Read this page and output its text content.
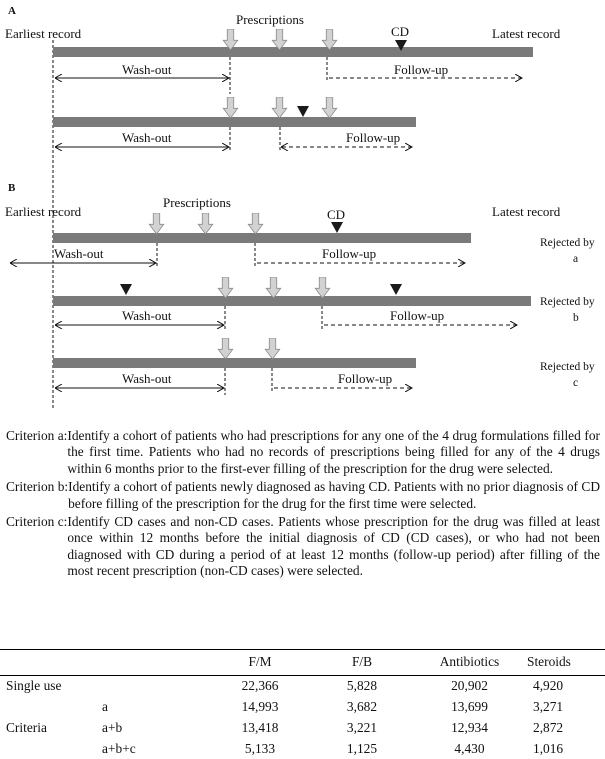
A
Earliest record
Prescriptions
CD	Latest record
Wash-out	Follow-up
Wash-out	Follow-up
B
Earliest record
Prescriptions
CD	Latest record
Wash-out	Follow-up
Rejected by
a
Wash-out	Follow-up
Rejected by
b
Wash-out	Follow-up
Rejected by
c
Criterion a: Identify a cohort of patients who had prescriptions for any one of the 4 drug formulations filled for the first time. Patients who had no records of prescriptions being filled for any of the 4 drugs within 6 months prior to the first-ever filling of the prescription for the drug were selected.
Criterion b: Identify a cohort of patients newly diagnosed as having CD. Patients with no prior diagnosis of CD before filling of the prescription for the drug for the first time were selected.
Criterion c: Identify CD cases and non-CD cases. Patients whose prescription for the drug was filled at least once within 12 months before the initial diagnosis of CD (CD cases), or who had not been diagnosed with CD during a period of at least 12 months (follow-up period) after filling of the most recent prescription (non-CD cases) were selected.
		F/M	F/B	Antibiotics	Steroids
Single use		22,366	5,828	20,902	4,920
	a	14,993	3,682	13,699	3,271
Criteria	a+b	13,418	3,221	12,934	2,872
	a+b+c	5,133	1,125	4,430	1,016
